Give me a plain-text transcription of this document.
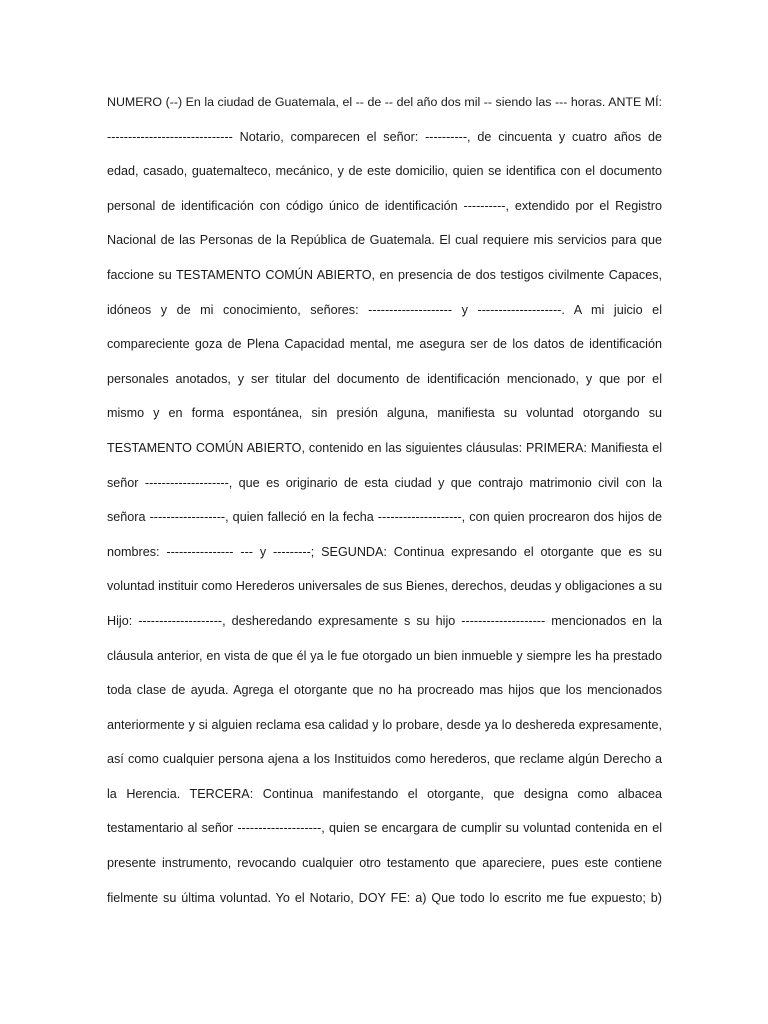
NUMERO (--) En la ciudad de Guatemala, el -- de -- del año dos mil -- siendo las --- horas. ANTE MÍ:
------------------------------ Notario, comparecen el señor: ----------, de cincuenta y cuatro años de
edad, casado, guatemalteco, mecánico, y de este domicilio, quien se identifica con el documento
personal de identificación con código único de identificación ----------, extendido por el Registro
Nacional de las Personas de la República de Guatemala. El cual requiere mis servicios para que
faccione su TESTAMENTO COMÚN ABIERTO, en presencia de dos testigos civilmente Capaces,
idóneos y de mi conocimiento, señores: -------------------- y --------------------. A mi juicio el
compareciente goza de Plena Capacidad mental, me asegura ser de los datos de identificación
personales anotados, y ser titular del documento de identificación mencionado, y que por el
mismo y en forma espontánea, sin presión alguna, manifiesta su voluntad otorgando su
TESTAMENTO COMÚN ABIERTO, contenido en las siguientes cláusulas: PRIMERA: Manifiesta el
señor --------------------, que es originario de esta ciudad y que contrajo matrimonio civil con la
señora ------------------, quien falleció en la fecha --------------------, con quien procrearon dos hijos de
nombres: ---------------- --- y ---------; SEGUNDA: Continua expresando el otorgante que es su
voluntad instituir como Herederos universales de sus Bienes, derechos, deudas y obligaciones a su
Hijo: --------------------, desheredando expresamente s su hijo -------------------- mencionados en la
cláusula anterior, en vista de que él ya le fue otorgado un bien inmueble y siempre les ha prestado
toda clase de ayuda. Agrega el otorgante que no ha procreado mas hijos que los mencionados
anteriormente y si alguien reclama esa calidad y lo probare, desde ya lo deshereda expresamente,
así como cualquier persona ajena a los Instituidos como herederos, que reclame algún Derecho a
la Herencia. TERCERA: Continua manifestando el otorgante, que designa como albacea
testamentario al señor --------------------, quien se encargara de cumplir su voluntad contenida en el
presente instrumento, revocando cualquier otro testamento que apareciere, pues este contiene
fielmente su última voluntad. Yo el Notario, DOY FE: a) Que todo lo escrito me fue expuesto; b)
